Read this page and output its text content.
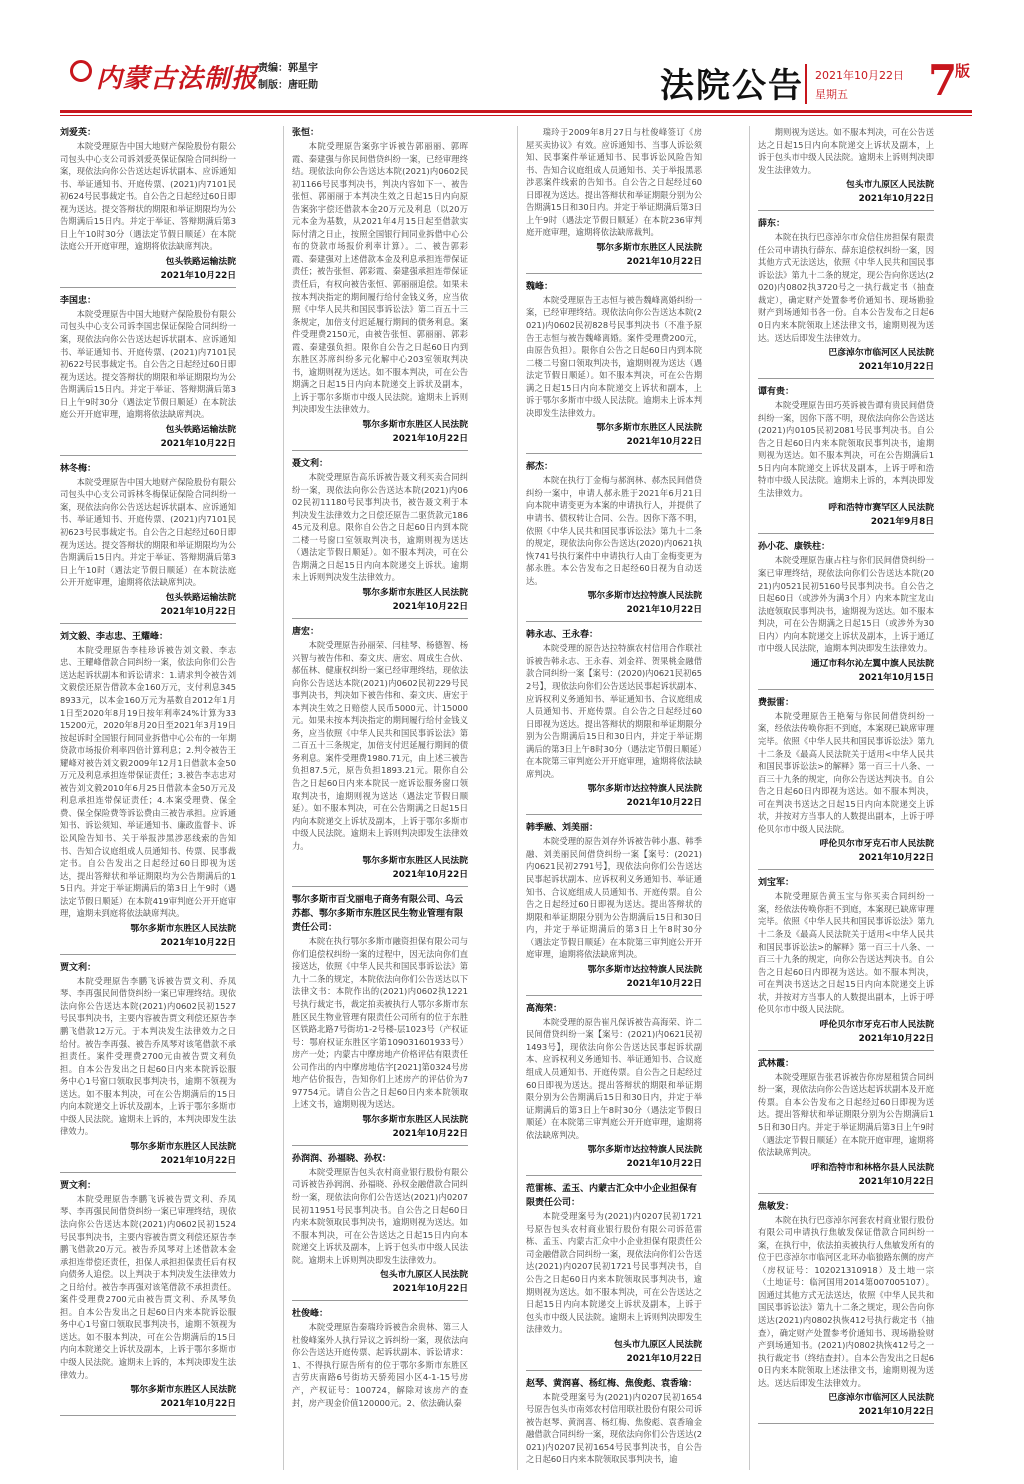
内蒙古法制报 责编：郭星宇
制版：唐旺勋	法院公告 2021年10月22日
星期五 7
版
刘爱英：
本院受理原告中国大地财产保险股份有限公司包头中心支公司诉刘爱英保证保险合同纠纷一案，现依法向你公告送达起诉状副本、应诉通知书、举证通知书、开庭传票、(2021)内7101民初624号民事裁定书。自公告之日起经过60日即视为送达。提交答辩状的期限和举证期限均为公告期满后15日内。并定于举证、答辩期满后第3日上午10时30分（遇法定节假日顺延）在本院法庭公开开庭审理，逾期将依法缺席判决。
包头铁路运输法院
2021年10月22日
李国忠：
本院受理原告中国大地财产保险股份有限公司包头中心支公司诉李国忠保证保险合同纠纷一案，现依法向你公告送达起诉状副本、应诉通知书、举证通知书、开庭传票、(2021)内7101民初622号民事裁定书。自公告之日起经过60日即视为送达。提交答辩状的期限和举证期限均为公告期满后15日内。并定于举证、答辩期满后第3日上午9时30分（遇法定节假日顺延）在本院法庭公开开庭审理，逾期将依法缺席判决。
包头铁路运输法院
2021年10月22日
林冬梅：
本院受理原告中国大地财产保险股份有限公司包头中心支公司诉林冬梅保证保险合同纠纷一案，现依法向你公告送达起诉状副本、应诉通知书、举证通知书、开庭传票、(2021)内7101民初623号民事裁定书。自公告之日起经过60日即视为送达。提交答辩状的期限和举证期限均为公告期满后15日内。并定于举证、答辩期满后第3日上午10时（遇法定节假日顺延）在本院法庭公开开庭审理，逾期将依法缺席判决。
包头铁路运输法院
2021年10月22日
刘文毅、李志忠、王耀峰：
本院受理原告李桂珍诉被告刘文毅、李志忠、王耀峰借款合同纠纷一案，依法向你们公告送达起诉状副本和诉讼请求：1.请求判令被告刘文毅偿还原告借款本金160万元，支付利息3458933元，以本金160万元为基数自2012年1月1日至2020年8月19日按年利率24%计算为3315200元，2020年8月20日至2021年3月19日按起诉时全国银行间同业拆借中心公布的一年期贷款市场报价利率四倍计算利息；2.判令被告王耀峰对被告刘文毅2009年12月1日借款本金50万元及利息承担连带保证责任；3.被告李志忠对被告刘文毅2010年6月25日借款本金50万元及利息承担连带保证责任；4.本案受理费、保全费、保全保险费等诉讼费由三被告承担。应诉通知书、诉讼须知、举证通知书、廉政监督卡、诉讼风险告知书、关于举报涉黑涉恶线索的告知书、告知合议庭组成人员通知书、传票、民事裁定书。自公告发出之日起经过60日即视为送达，提出答辩状和举证期限均为公告期满后的15日内。并定于举证期满后的第3日上午9时（遇法定节假日顺延）在本院419审判庭公开开庭审理，逾期未到庭将依法缺席判决。
鄂尔多斯市东胜区人民法院
2021年10月22日
贾文利：
本院受理原告李鹏飞诉被告贾文利、乔凤琴、李再强民间借贷纠纷一案已审理终结。现依法向你公告送达本院(2021)内0602民初1527号民事判决书，主要内容被告贾文利偿还原告李鹏飞借款12万元。于本判决发生法律效力之日给付。被告李再强、被告乔凤琴对该笔借款不承担责任。案件受理费2700元由被告贾文利负担。自本公告发出之日起60日内来本院诉讼服务中心1号窗口领取民事判决书，逾期不领视为送达。如不服本判决，可在公告期满后的15日内向本院递交上诉状及副本，上诉于鄂尔多斯市中级人民法院。逾期未上诉的，本判决即发生法律效力。
鄂尔多斯市东胜区人民法院
2021年10月22日
贾文利：
本院受理原告李鹏飞诉被告贾文利、乔凤琴、李再强民间借贷纠纷一案已审理终结，现依法向你公告送达本院(2021)内0602民初1524号民事判决书，主要内容被告贾文利偿还原告李鹏飞借款20万元。被告乔凤琴对上述借款本金承担连带偿还责任，担保人承担担保责任后有权向债务人追偿。以上判决于本判决发生法律效力之日给付。被告李再强对该笔借款不承担责任。案件受理费2700元由被告贾文利、乔凤琴负担。自本公告发出之日起60日内来本院诉讼服务中心1号窗口领取民事判决书，逾期不领视为送达。如不服本判决，可在公告期满后的15日内向本院递交上诉状及副本，上诉于鄂尔多斯市中级人民法院。逾期未上诉的，本判决即发生法律效力。
鄂尔多斯市东胜区人民法院
2021年10月22日
张恒：
本院受理原告案弥宇诉被告郭丽丽、郭晖霞、秦建强与你民间借贷纠纷一案，已经审理终结。现依法向你公告送达本院(2021)内0602民初1166号民事判决书，判决内容如下一、被告张恒、郭丽丽于本判决生效之日起15日内向原告案弥宇偿还借款本金20万元及利息（以20万元本金为基数，从2021年4月15日起至借款实际付清之日止，按照全国银行间同业拆借中心公布的贷款市场报价利率计算）。二、被告郭彩霞、秦建强对上述借款本金及利息承担连带保证责任；被告张恒、郭彩霞、秦建强承担连带保证责任后，有权向被告张恒、郭丽丽追偿。如果未按本判决指定的期间履行给付金钱义务，应当依照《中华人民共和国民事诉讼法》第二百五十三条规定，加倍支付迟延履行期间的债务利息。案件受理费2150元，由被告张恒、郭丽丽、郭彩霞、秦建强负担。限你自公告之日起60日内到东胜区苏席纠纷多元化解中心203室领取判决书，逾期则视为送达。如不服本判决，可在公告期满之日起15日内向本院递交上诉状及副本，上诉于鄂尔多斯市中级人民法院。逾期未上诉则判决即发生法律效力。
鄂尔多斯市东胜区人民法院
2021年10月22日
聂文利：
本院受理原告高乐诉被告聂文利买卖合同纠纷一案，现依法向你公告送达本院(2021)内0602民初11180号民事判决书，被告聂文利于本判决发生法律效力之日偿还原告二驱货款元18645元及利息。限你自公告之日起60日内到本院二楼一号窗口室领取判决书，逾期则视为送达（遇法定节假日顺延）。如不服本判决，可在公告期满之日起15日内向本院递交上诉状。逾期未上诉则判决发生法律效力。
鄂尔多斯市东胜区人民法院
2021年10月22日
唐宏：
本院受理原告孙丽荣、闫桂琴、杨德智、杨兴智与被告伟和、秦文庆、唐宏、周成生合伙、郝伍林、健康权纠纷一案已经审理终结，现依法向你公告送达本院(2021)内0602民初229号民事判决书，判决如下被告伟和、秦文庆、唐宏于本判决生效之日赔偿人民币5000元、计15000元。如果未按本判决指定的期间履行给付金钱义务，应当依照《中华人民共和国民事诉讼法》第二百五十三条规定，加倍支付迟延履行期间的债务利息。案件受理费1980.71元，由上述三被告负担87.5元，原告负担1893.21元。限你自公告之日起60日内来本院民一庭诉讼服务窗口领取判决书，逾期则视为送达（遇法定节假日顺延）。如不服本判决，可在公告期满之日起15日内向本院递交上诉状及副本，上诉于鄂尔多斯市中级人民法院。逾期未上诉则判决即发生法律效力。
鄂尔多斯市东胜区人民法院
2021年10月22日
鄂尔多斯市百戈丽电子商务有限公司、乌云苏都、鄂尔多斯市东胜区民生物业管理有限责任公司：
本院在执行鄂尔多斯市融资担保有限公司与你们追偿权纠纷一案的过程中，因无法向你们直接送达，依照《中华人民共和国民事诉讼法》第九十二条的规定，本院依法向你们公告送达以下法律文书：本院作出的(2021)内0602执1221号执行裁定书，裁定拍卖被执行人鄂尔多斯市东胜区民生物业管理有限责任公司所有的位于东胜区铁路北路7号街坊1-2号楼-层1023号（产权证号：鄂府权证东胜区字第109031601933号）房产一处；内蒙古中摩房地产价格评估有限责任公司作出的内中摩房地估字[2021]第0324号房地产估价报告，告知你们上述房产的评估价为797754元。请自公告之日起60日内来本院领取上述文书，逾期则视为送达。
鄂尔多斯市东胜区人民法院
2021年10月22日
孙润润、孙福晓、孙权：
本院受理原告包头农村商业银行股份有限公司诉被告孙润润、孙福晓、孙权金融借款合同纠纷一案，现依法向你们公告送达(2021)内0207民初11951号民事判决书。自公告之日起60日内来本院领取民事判决书，逾期则视为送达。如不服本判决，可在公告送达之日起15日内向本院递交上诉状及副本，上诉于包头市中级人民法院。逾期未上诉则判决即发生法律效力。
包头市九原区人民法院
2021年10月22日
杜俊峰：
本院受理原告秦瑞玲诉被告余贵林、第三人杜俊峰案外人执行异议之诉纠纷一案，现依法向你公告送达开庭传票、起诉状副本、诉讼请求：1、不得执行原告所有的位于鄂尔多斯市东胜区吉劳庆南路6号街坊天骄苑园小区4-1-15号房产，产权证号：100724，解除对该房产的查封，房产现金价值120000元。2、依法确认秦
瑞玲于2009年8月27日与杜俊峰签订《房屋买卖协议》有效。应诉通知书、当事人诉讼须知、民事案件举证通知书、民事诉讼风险告知书、告知合议庭组成人员通知书、关于举报黑恶涉恶案件线索的告知书。自公告之日起经过60日即视为送达。提出答辩状和举证期限分别为公告期满15日和30日内。并定于举证期满后第3日上午9时（遇法定节假日顺延）在本院236审判庭开庭审理，逾期将依法缺席裁判。
鄂尔多斯市东胜区人民法院
2021年10月22日
魏峰：
本院受理原告王志恒与被告魏峰离婚纠纷一案，已经审理终结。现依法向你公告送达本院(2021)内0602民初828号民事判决书（不准予原告王志恒与被告魏峰离婚。案件受理费200元，由原告负担）。限你自公告之日起60日内到本院二楼二号窗口领取判决书，逾期则视为送达（遇法定节假日顺延）。如不服本判决，可在公告期满之日起15日内向本院递交上诉状和副本，上诉于鄂尔多斯市中级人民法院。逾期未上诉本判决即发生法律效力。
鄂尔多斯市东胜区人民法院
2021年10月22日
郝杰：
本院在执行丁金梅与郝润林、郝杰民间借贷纠纷一案中，申请人郝永胜于2021年6月21日向本院申请变更为本案的申请执行人，并提供了申请书、债权转让合同、公告。因你下落不明，依照《中华人民共和国民事诉讼法》第九十二条的规定，现依法向你公告送达(2020)内0621执恢741号执行案件中申请执行人由丁金梅变更为郝永胜。本公告发布之日起经60日视为自动送达。
鄂尔多斯市达拉特旗人民法院
2021年10月22日
韩永志、王永春：
本院受理的原告达拉特旗农村信用合作联社诉被告韩永志、王永春、刘金祥、贺果桃金融借款合同纠纷一案【案号：(2020)内0621民初652号】，现依法向你们公告送达民事起诉状副本、应诉权利义务通知书、举证通知书、合议庭组成人员通知书、开庭传票。自公告之日起经过60日即视为送达。提出答辩状的期限和举证期限分别为公告期满后15日和30日内，并定于举证期满后的第3日上午8时30分（遇法定节假日顺延）在本院第三审判庭公开开庭审理，逾期将依法缺席判决。
鄂尔多斯市达拉特旗人民法院
2021年10月22日
韩季融、刘美丽：
本院受理的原告刘存外诉被告韩小惠、韩季融、刘美丽民间借贷纠纷一案【案号：(2021)内0621民初2791号】，现依法向你们公告送达民事起诉状副本、应诉权利义务通知书、举证通知书、合议庭组成人员通知书、开庭传票。自公告之日起经过60日即视为送达。提出答辩状的期限和举证期限分别为公告期满后15日和30日内，并定于举证期满后的第3日上午8时30分（遇法定节假日顺延）在本院第三审判庭公开开庭审理，逾期将依法缺席判决。
鄂尔多斯市达拉特旗人民法院
2021年10月22日
高海荣：
本院受理的原告崔凡保诉被告高海荣、许二民间借贷纠纷一案【案号：(2021)内0621民初1493号】，现依法向你公告送达民事起诉状副本、应诉权利义务通知书、举证通知书、合议庭组成人员通知书、开庭传票。自公告之日起经过60日即视为送达。提出答辩状的期限和举证期限分别为公告期满后15日和30日内，并定于举证期满后的第3日上午8时30分（遇法定节假日顺延）在本院第三审判庭公开开庭审理，逾期将依法缺席判决。
鄂尔多斯市达拉特旗人民法院
2021年10月22日
范雷栋、孟玉、内蒙古汇众中小企业担保有限责任公司：
本院受理案号为(2021)内0207民初1721号原告包头农村商业银行股份有限公司诉范雷栋、孟玉、内蒙古汇众中小企业担保有限责任公司金融借款合同纠纷一案，现依法向你们公告送达(2021)内0207民初1721号民事判决书，自公告之日起60日内来本院领取民事判决书，逾期则视为送达。如不服本判决，可在公告送达之日起15日内向本院递交上诉状及副本，上诉于包头市中级人民法院。逾期未上诉则判决即发生法律效力。
包头市九原区人民法院
2021年10月22日
赵琴、黄润喜、杨红梅、焦俊彪、袁香瑜：
本院受理案号为(2021)内0207民初1654号原告包头市南郊农村信用联社股份有限公司诉被告赵琴、黄润喜、杨红梅、焦俊彪、袁香瑜金融借款合同纠纷一案，现依法向你们公告送达(2021)内0207民初1654号民事判决书，自公告之日起60日内来本院领取民事判决书，逾
期则视为送达。如不服本判决，可在公告送达之日起15日内向本院递交上诉状及副本，上诉于包头市中级人民法院。逾期未上诉则判决即发生法律效力。
包头市九原区人民法院
2021年10月22日
薛东：
本院在执行巴彦淖尔市众信住房担保有限责任公司申请执行薛东、薛东追偿权纠纷一案，因其他方式无法送达，依照《中华人民共和国民事诉讼法》第九十二条的规定，现公告向你送达(2020)内0802执3720号之一执行裁定书（抽查裁定），确定财产处置参考价通知书、现场勘验财产到场通知书各一份。自本公告发布之日起60日内来本院领取上述法律文书，逾期则视为送达。送达后即发生法律效力。
巴彦淖尔市临河区人民法院
2021年10月22日
谭有贵：
本院受理原告田巧英诉被告谭有贵民间借贷纠纷一案，因你下落不明，现依法向你公告送达(2021)内0105民初2081号民事判决书。自公告之日起60日内来本院领取民事判决书，逾期则视为送达。如不服本判决，可在公告期满后15日内向本院递交上诉状及副本，上诉于呼和浩特市中级人民法院。逾期未上诉的，本判决即发生法律效力。
呼和浩特市赛罕区人民法院
2021年9月8日
孙小花、康铁柱：
本院受理原告康占柱与你们民间借贷纠纷一案已审理终结，现依法向你们公告送达本院(2021)内0521民初5160号民事判决书。自公告之日起60日（或涉外为满3个月）内来本院宝龙山法庭领取民事判决书，逾期视为送达。如不服本判决，可在公告期满之日起15日（或涉外为30日内）内向本院递交上诉状及副本，上诉于通辽市中级人民法院，逾期本判决即发生法律效力。
通辽市科尔沁左翼中旗人民法院
2021年10月15日
费振雷：
本院受理原告王艳菊与你民间借贷纠纷一案，经依法传唤你拒不到庭，本案现已缺席审理完毕。依照《中华人民共和国民事诉讼法》第九十二条及《最高人民法院关于适用<中华人民共和国民事诉讼法>的解释》第一百三十八条、一百三十九条的规定，向你公告送达判决书。自公告之日起60日内即视为送达。如不服本判决，可在判决书送达之日起15日内向本院递交上诉状，并按对方当事人的人数提出副本，上诉于呼伦贝尔市中级人民法院。
呼伦贝尔市牙克石市人民法院
2021年10月22日
刘宝军：
本院受理原告黄玉宝与你买卖合同纠纷一案，经依法传唤你拒不到庭，本案现已缺席审理完毕。依照《中华人民共和国民事诉讼法》第九十二条及《最高人民法院关于适用<中华人民共和国民事诉讼法>的解释》第一百三十八条、一百三十九条的规定，向你公告送达判决书。自公告之日起60日内即视为送达。如不服本判决，可在判决书送达之日起15日内向本院递交上诉状，并按对方当事人的人数提出副本，上诉于呼伦贝尔市中级人民法院。
呼伦贝尔市牙克石市人民法院
2021年10月22日
武林霞：
本院受理原告张君诉被告你房屋租赁合同纠纷一案，现依法向你公告送达起诉状副本及开庭传票。自本公告发布之日起经过60日即视为送达。提出答辩状和举证期限分别为公告期满后15日和30日内。并定于举证期满后第3日上午9时（遇法定节假日顺延）在本院开庭审理，逾期将依法缺席判决。
呼和浩特市和林格尔县人民法院
2021年10月22日
焦敏发：
本院在执行巴彦淖尔河套农村商业银行股份有限公司申请执行焦敏发保证借款合同纠纷一案，在执行中，依法拍卖被执行人焦敏发所有的位于巴彦淖尔市临河区北环办临狼路东侧的房产（房权证号：102021310918）及土地一宗（土地证号：临河国用2014第007005107）。因通过其他方式无法送达，依照《中华人民共和国民事诉讼法》第九十二条之规定，现公告向你送达(2021)内0802执恢412号执行裁定书（抽查），确定财产处置参考价通知书、现场勘验财产到场通知书。(2021)内0802执恢412号之一执行裁定书（终结查封）。自本公告发出之日起60日内来本院领取上述法律文书，逾期则视为送达。送达后即发生法律效力。
巴彦淖尔市临河区人民法院
2021年10月22日
